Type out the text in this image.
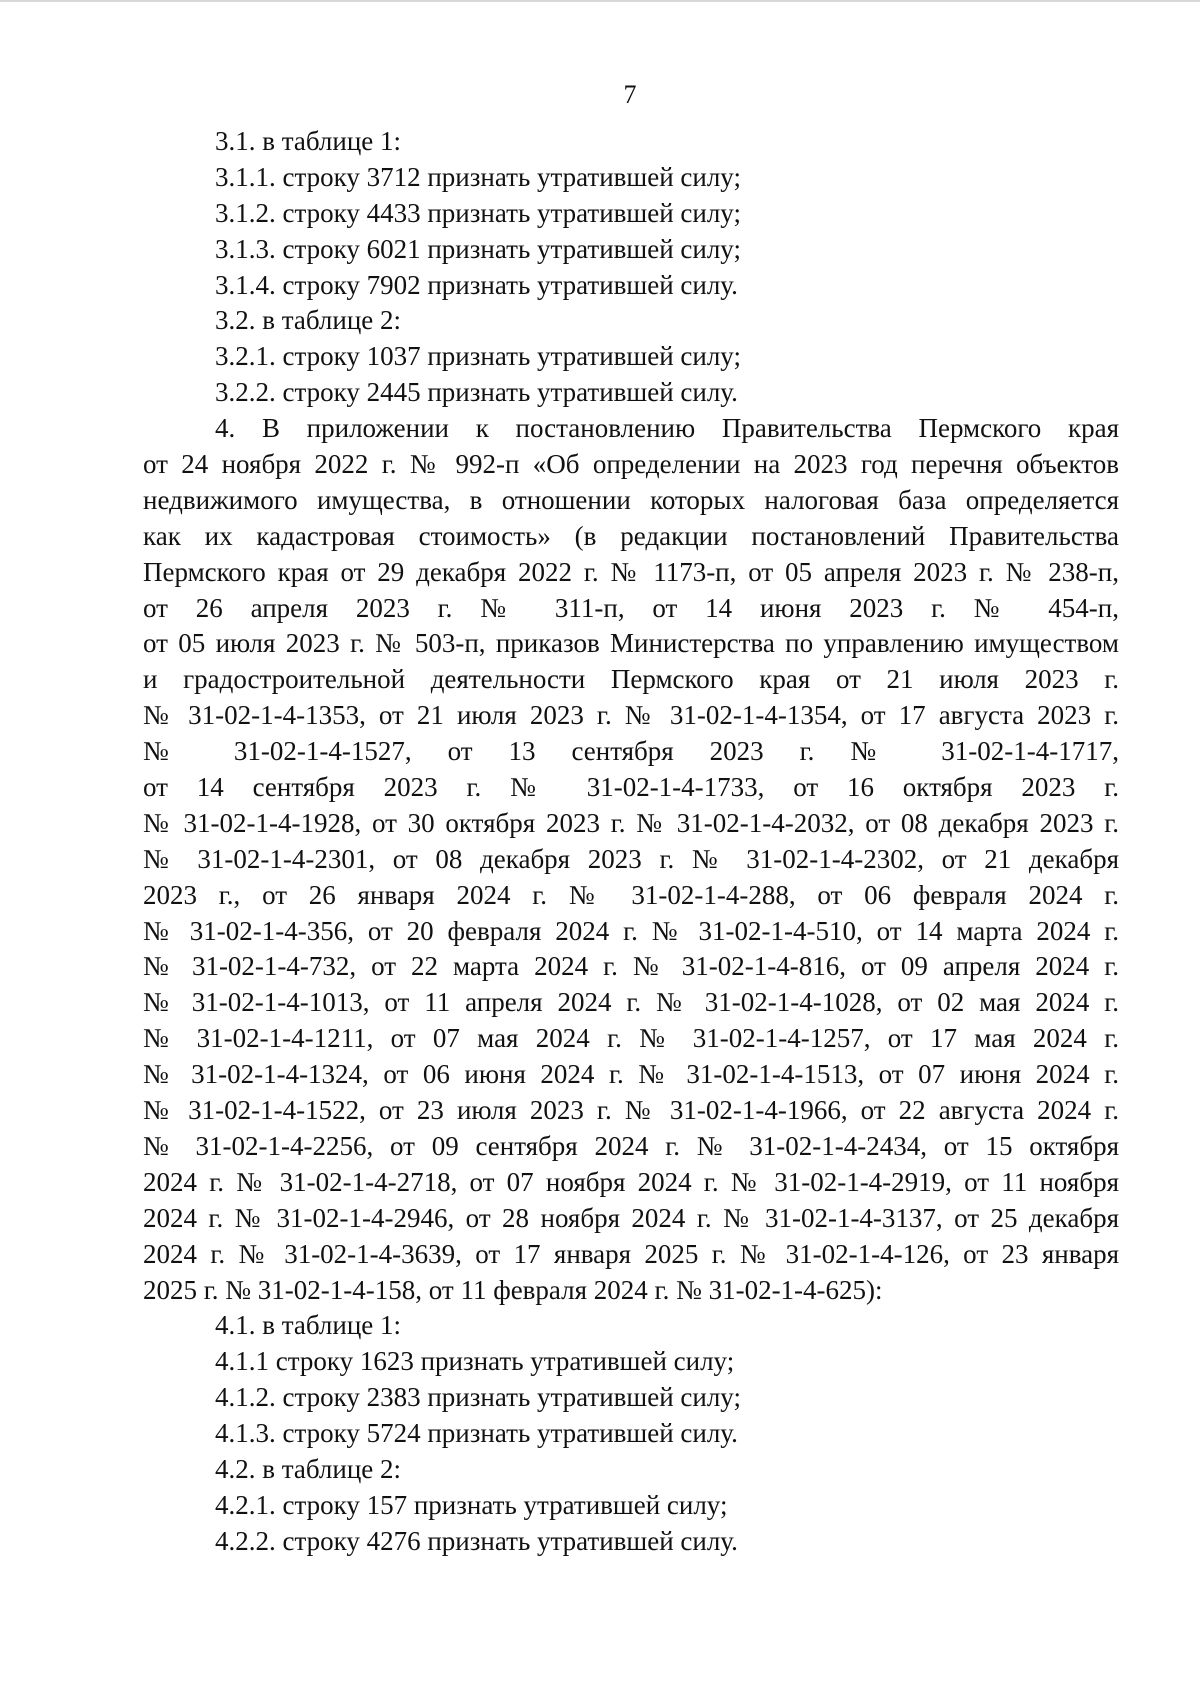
7
3.1. в таблице 1:
3.1.1. строку 3712 признать утратившей силу;
3.1.2. строку 4433 признать утратившей силу;
3.1.3. строку 6021 признать утратившей силу;
3.1.4. строку 7902 признать утратившей силу.
3.2. в таблице 2:
3.2.1. строку 1037 признать утратившей силу;
3.2.2. строку 2445 признать утратившей силу.
4. В приложении к постановлению Правительства Пермского края
от 24 ноября 2022 г. № 992-п «Об определении на 2023 год перечня объектов
недвижимого имущества, в отношении которых налоговая база определяется
как их кадастровая стоимость» (в редакции постановлений Правительства
Пермского края от 29 декабря 2022 г. № 1173-п, от 05 апреля 2023 г. № 238-п,
от 26 апреля 2023 г. № 311-п, от 14 июня 2023 г. № 454-п,
от 05 июля 2023 г. № 503-п, приказов Министерства по управлению имуществом
и градостроительной деятельности Пермского края от 21 июля 2023 г.
№ 31-02-1-4-1353, от 21 июля 2023 г. № 31-02-1-4-1354, от 17 августа 2023 г.
№ 31-02-1-4-1527, от 13 сентября 2023 г. № 31-02-1-4-1717,
от 14 сентября 2023 г. № 31-02-1-4-1733, от 16 октября 2023 г.
№ 31-02-1-4-1928, от 30 октября 2023 г. № 31-02-1-4-2032, от 08 декабря 2023 г.
№ 31-02-1-4-2301, от 08 декабря 2023 г. № 31-02-1-4-2302, от 21 декабря
2023 г., от 26 января 2024 г. № 31-02-1-4-288, от 06 февраля 2024 г.
№ 31-02-1-4-356, от 20 февраля 2024 г. № 31-02-1-4-510, от 14 марта 2024 г.
№ 31-02-1-4-732, от 22 марта 2024 г. № 31-02-1-4-816, от 09 апреля 2024 г.
№ 31-02-1-4-1013, от 11 апреля 2024 г. № 31-02-1-4-1028, от 02 мая 2024 г.
№ 31-02-1-4-1211, от 07 мая 2024 г. № 31-02-1-4-1257, от 17 мая 2024 г.
№ 31-02-1-4-1324, от 06 июня 2024 г. № 31-02-1-4-1513, от 07 июня 2024 г.
№ 31-02-1-4-1522, от 23 июля 2023 г. № 31-02-1-4-1966, от 22 августа 2024 г.
№ 31-02-1-4-2256, от 09 сентября 2024 г. № 31-02-1-4-2434, от 15 октября
2024 г. № 31-02-1-4-2718, от 07 ноября 2024 г. № 31-02-1-4-2919, от 11 ноября
2024 г. № 31-02-1-4-2946, от 28 ноября 2024 г. № 31-02-1-4-3137, от 25 декабря
2024 г. № 31-02-1-4-3639, от 17 января 2025 г. № 31-02-1-4-126, от 23 января
2025 г. № 31-02-1-4-158, от 11 февраля 2024 г. № 31-02-1-4-625):
4.1. в таблице 1:
4.1.1 строку 1623 признать утратившей силу;
4.1.2. строку 2383 признать утратившей силу;
4.1.3. строку 5724 признать утратившей силу.
4.2. в таблице 2:
4.2.1. строку 157 признать утратившей силу;
4.2.2. строку 4276 признать утратившей силу.
